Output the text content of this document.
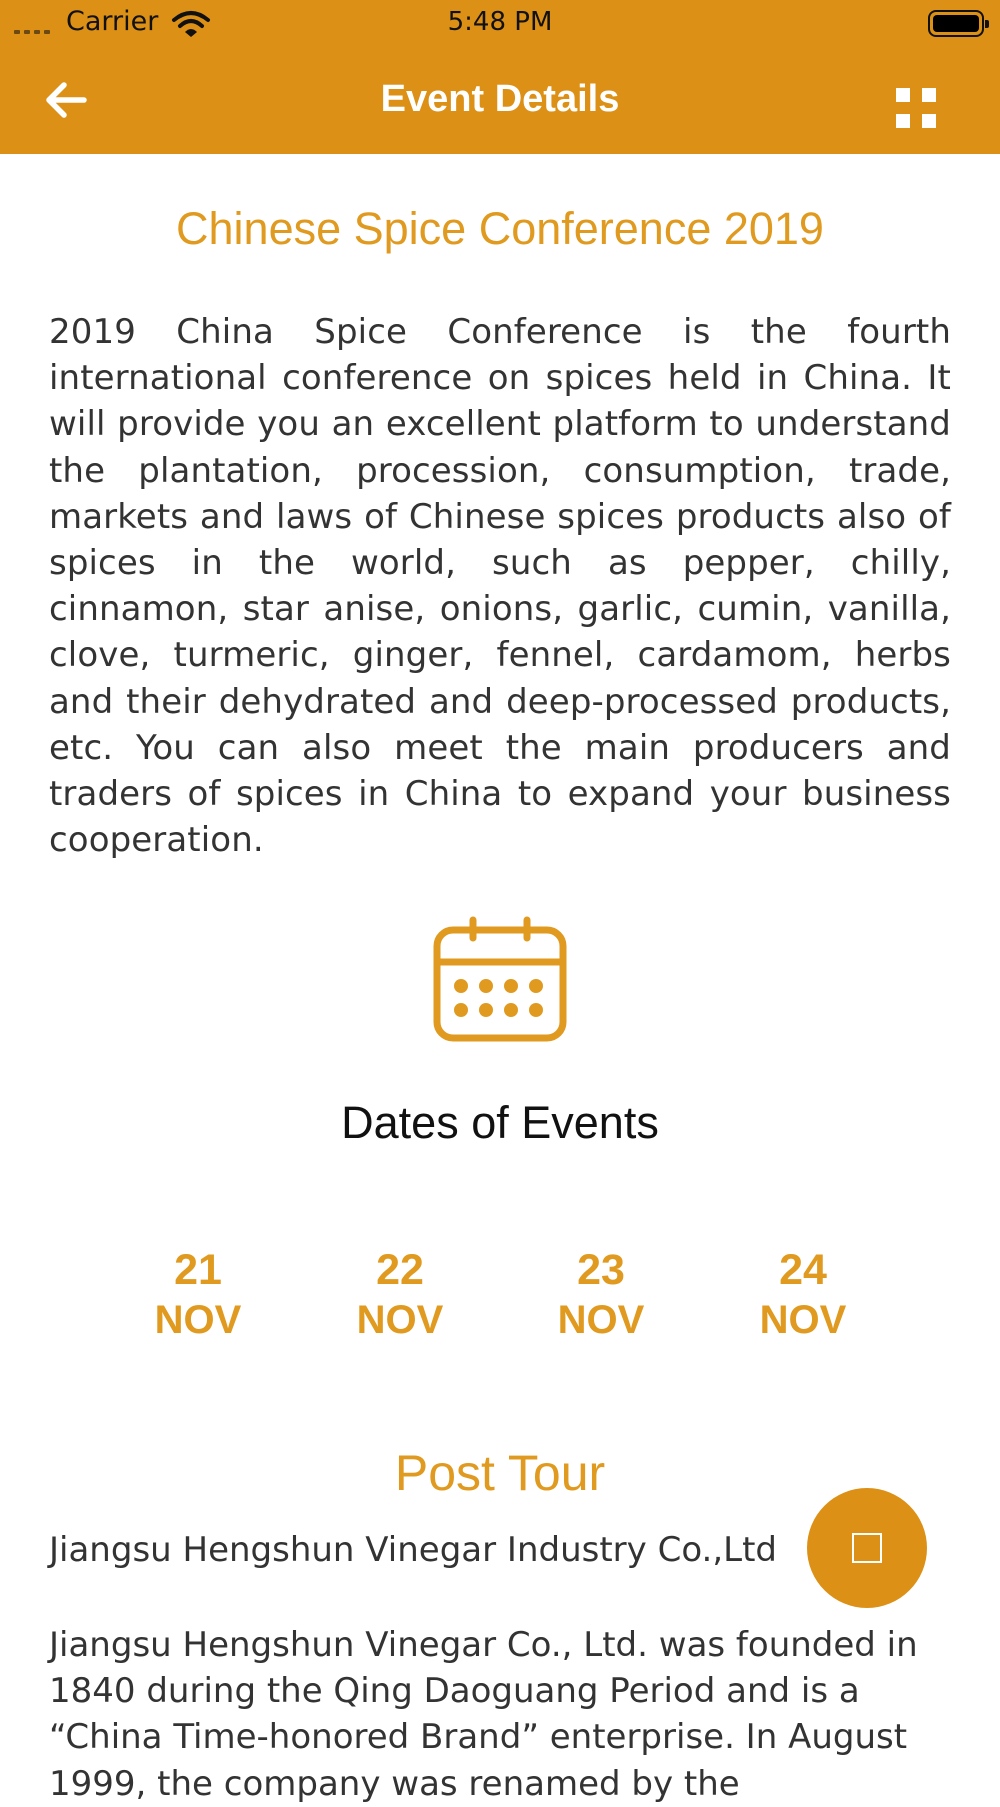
Carrier	5:48 PM
Event Details
Chinese Spice Conference 2019
2019 China Spice Conference is the fourth international conference on spices held in China. It will provide you an excellent platform to understand the plantation, procession, consumption, trade, markets and laws of Chinese spices products also of spices in the world, such as pepper, chilly, cinnamon, star anise, onions, garlic, cumin, vanilla, clove, turmeric, ginger, fennel, cardamom, herbs and their dehydrated and deep-processed products, etc. You can also meet the main producers and traders of spices in China to expand your business cooperation.
Dates of Events
21
NOV
22
NOV
23
NOV
24
NOV
Post Tour
Jiangsu Hengshun Vinegar Industry Co.,Ltd
Jiangsu Hengshun Vinegar Co., Ltd. was founded in 1840 during the Qing Daoguang Period and is a “China Time-honored Brand” enterprise. In August 1999, the company was renamed by the
